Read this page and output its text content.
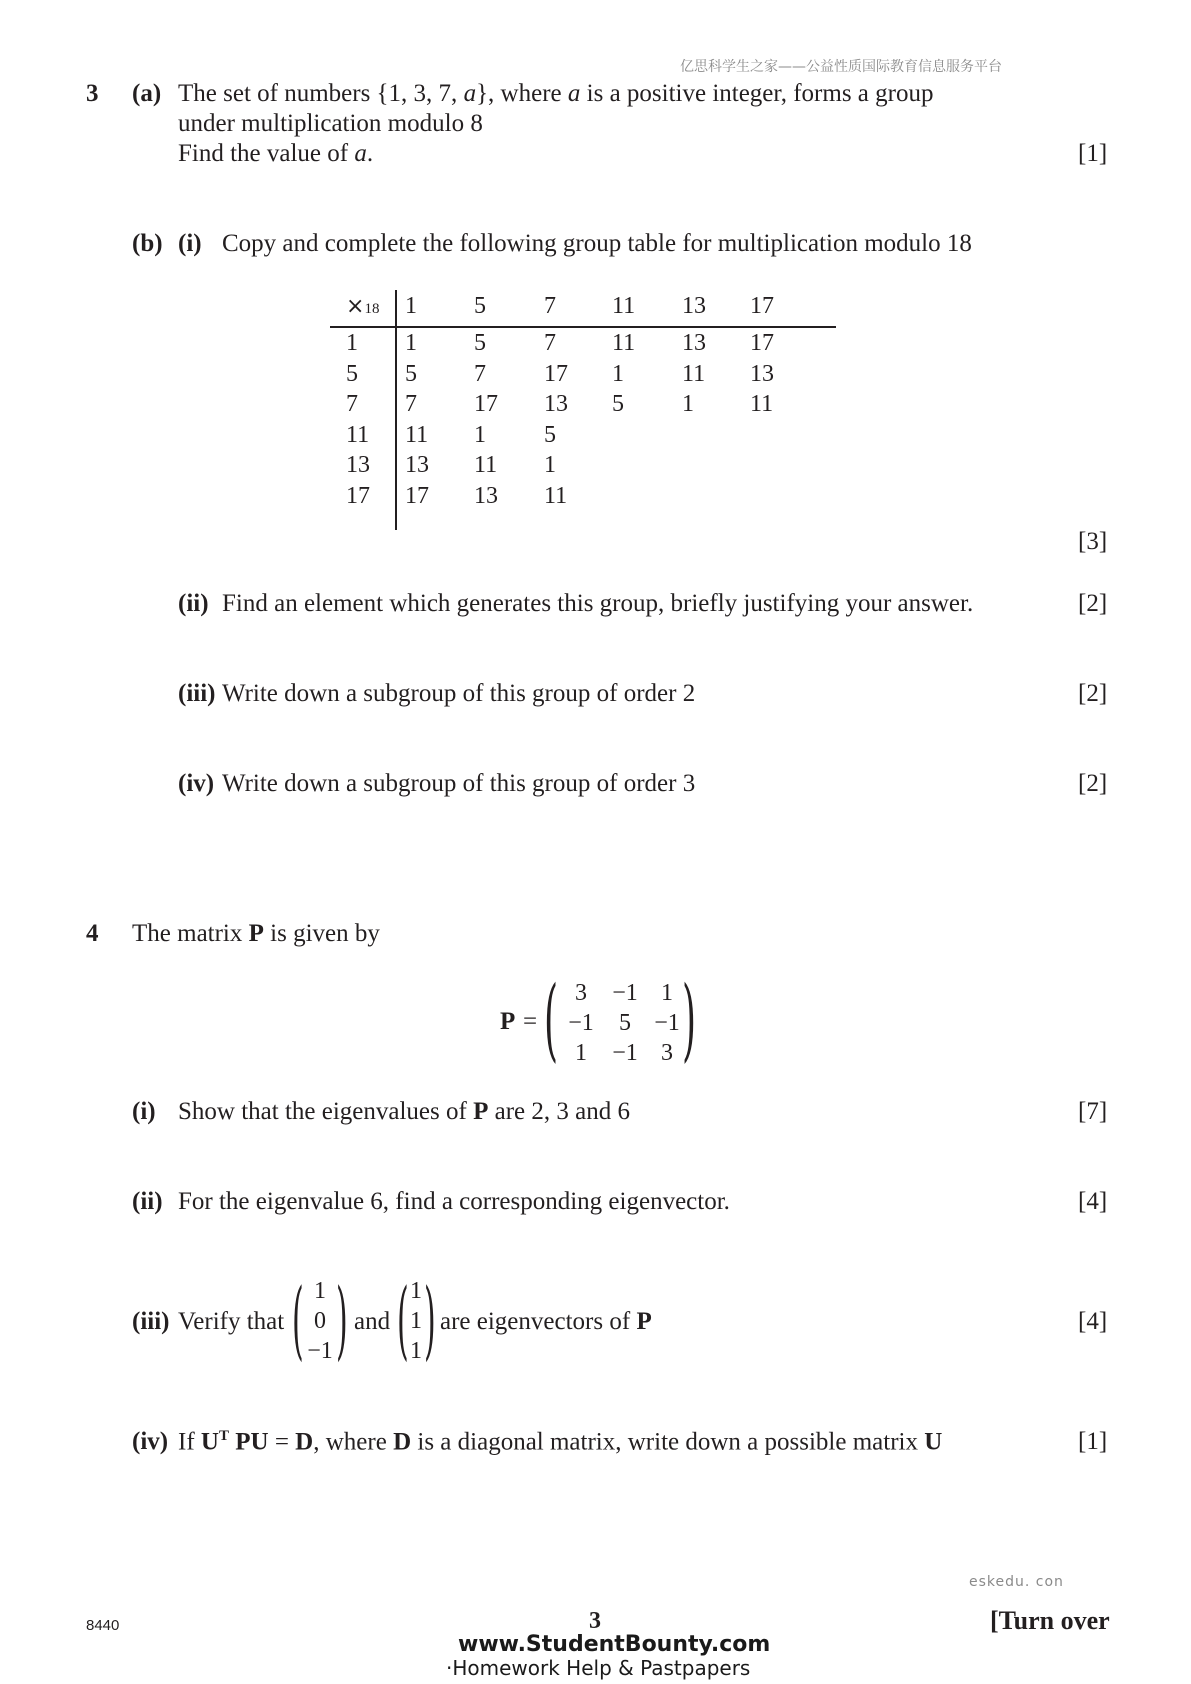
亿思科学生之家——公益性质国际教育信息服务平台
3 (a) The set of numbers {1, 3, 7, a}, where a is a positive integer, forms a group
under multiplication modulo 8
Find the value of a.	[1]
(b) (i) Copy and complete the following group table for multiplication modulo 18
×18 1 5 7 11 13 17
1 1 5 7 11 13 17
5 5 7 17 1 11 13
7 7 17 13 5 1 11
11 11 1 5
13 13 11 1
17 17 13 11
[3]
(ii) Find an element which generates this group, briefly justifying your answer.	[2]
(iii) Write down a subgroup of this group of order 2	[2]
(iv) Write down a subgroup of this group of order 3	[2]
4 The matrix P is given by
P = (	)
3	−1 1
−1	5 −1
1	−1 3
(i) Show that the eigenvalues of P are 2, 3 and 6	[7]
(ii) For the eigenvalue 6, find a corresponding eigenvector.	[4]
(iii) Verify that ( )
1
0
−1
and ( )
1
1
1
are eigenvectors of P	[4]
(iv) If $U^T$ PU = D, where D is a diagonal matrix, write down a possible matrix U	[1]
eskedu. con
8440	3	[Turn over
www.StudentBounty.com
·Homework Help & Pastpapers
